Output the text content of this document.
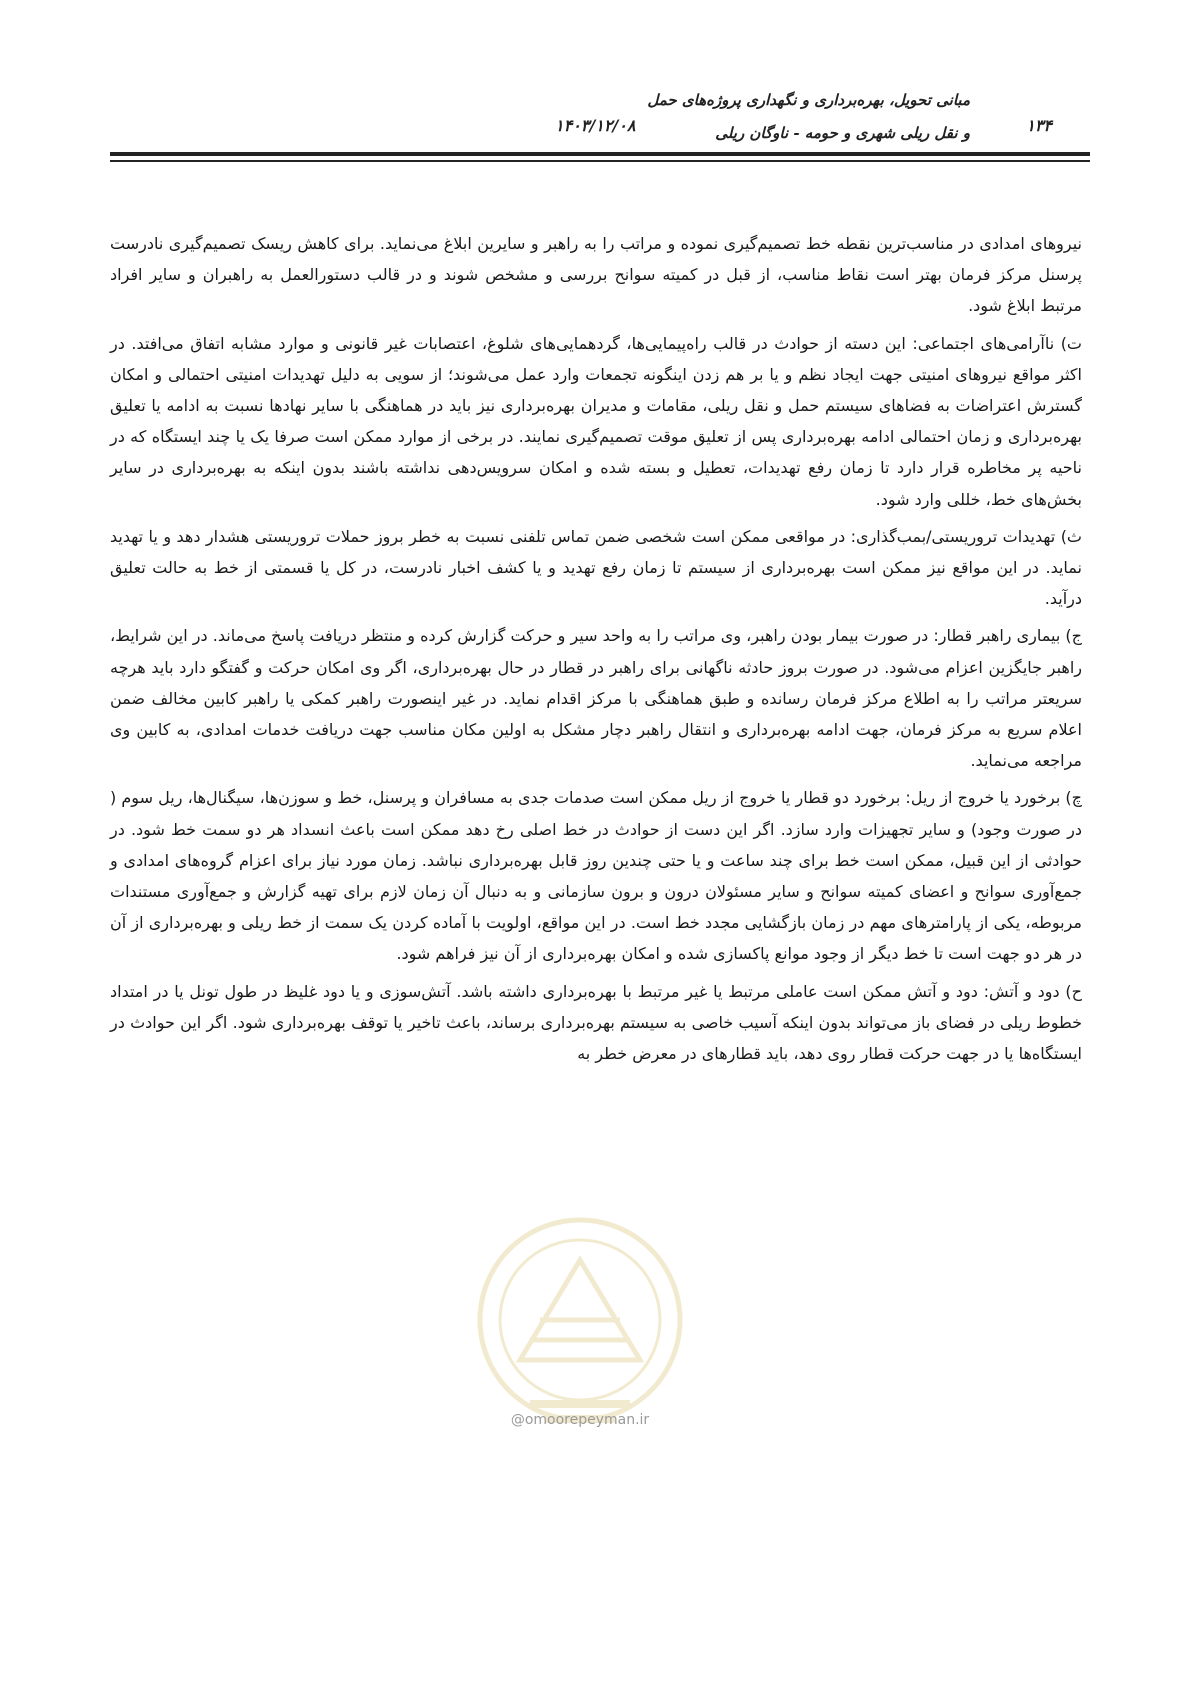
مبانی تحویل، بهره‌برداری و نگهداری پروژه‌های حمل
و نقل ریلی شهری و حومه - ناوگان ریلی
۱۴۰۳/۱۲/۰۸	۱۳۴

نیروهای امدادی در مناسب‌ترین نقطه خط تصمیم‌گیری نموده و مراتب را به راهبر و سایرین ابلاغ می‌نماید. برای کاهش ریسک تصمیم‌گیری نادرست پرسنل مرکز فرمان بهتر است نقاط مناسب، از قبل در کمیته سوانح بررسی و مشخص شوند و در قالب دستورالعمل به راهبران و سایر افراد مرتبط ابلاغ شود.

ت) ناآرامی‌های اجتماعی: این دسته از حوادث در قالب راه‌پیمایی‌ها، گردهمایی‌های شلوغ، اعتصابات غیر قانونی و موارد مشابه اتفاق می‌افتد. در اکثر مواقع نیروهای امنیتی جهت ایجاد نظم و یا بر هم زدن اینگونه تجمعات وارد عمل می‌شوند؛ از سویی به دلیل تهدیدات امنیتی احتمالی و امکان گسترش اعتراضات به فضاهای سیستم حمل و نقل ریلی، مقامات و مدیران بهره‌برداری نیز باید در هماهنگی با سایر نهادها نسبت به ادامه یا تعلیق بهره‌برداری و زمان احتمالی ادامه بهره‌برداری پس از تعلیق موقت تصمیم‌گیری نمایند. در برخی از موارد ممکن است صرفا یک یا چند ایستگاه که در ناحیه پر مخاطره قرار دارد تا زمان رفع تهدیدات، تعطیل و بسته شده و امکان سرویس‌دهی نداشته باشند بدون اینکه به بهره‌برداری در سایر بخش‌های خط، خللی وارد شود.

ث) تهدیدات تروریستی/بمب‌گذاری: در مواقعی ممکن است شخصی ضمن تماس تلفنی نسبت به خطر بروز حملات تروریستی هشدار دهد و یا تهدید نماید. در این مواقع نیز ممکن است بهره‌برداری از سیستم تا زمان رفع تهدید و یا کشف اخبار نادرست، در کل یا قسمتی از خط به حالت تعلیق درآید.

ج) بیماری راهبر قطار: در صورت بیمار بودن راهبر، وی مراتب را به واحد سیر و حرکت گزارش کرده و منتظر دریافت پاسخ می‌ماند. در این شرایط، راهبر جایگزین اعزام می‌شود. در صورت بروز حادثه ناگهانی برای راهبر در قطار در حال بهره‌برداری، اگر وی امکان حرکت و گفتگو دارد باید هرچه سریعتر مراتب را به اطلاع مرکز فرمان رسانده و طبق هماهنگی با مرکز اقدام نماید. در غیر اینصورت راهبر کمکی یا راهبر کابین مخالف ضمن اعلام سریع به مرکز فرمان، جهت ادامه بهره‌برداری و انتقال راهبر دچار مشکل به اولین مکان مناسب جهت دریافت خدمات امدادی، به کابین وی مراجعه می‌نماید.

چ) برخورد یا خروج از ریل: برخورد دو قطار یا خروج از ریل ممکن است صدمات جدی به مسافران و پرسنل، خط و سوزن‌ها، سیگنال‌ها، ریل سوم ( در صورت وجود) و سایر تجهیزات وارد سازد. اگر این دست از حوادث در خط اصلی رخ دهد ممکن است باعث انسداد هر دو سمت خط شود. در حوادثی از این قبیل، ممکن است خط برای چند ساعت و یا حتی چندین روز قابل بهره‌برداری نباشد. زمان مورد نیاز برای اعزام گروه‌های امدادی و جمع‌آوری سوانح و اعضای کمیته سوانح و سایر مسئولان درون و برون سازمانی و به دنبال آن زمان لازم برای تهیه گزارش و جمع‌آوری مستندات مربوطه، یکی از پارامترهای مهم در زمان بازگشایی مجدد خط است. در این مواقع، اولویت با آماده کردن یک سمت از خط ریلی و بهره‌برداری از آن در هر دو جهت است تا خط دیگر از وجود موانع پاکسازی شده و امکان بهره‌برداری از آن نیز فراهم شود.

ح) دود و آتش: دود و آتش ممکن است عاملی مرتبط یا غیر مرتبط با بهره‌برداری داشته باشد. آتش‌سوزی و یا دود غلیظ در طول تونل یا در امتداد خطوط ریلی در فضای باز می‌تواند بدون اینکه آسیب خاصی به سیستم بهره‌برداری برساند، باعث تاخیر یا توقف بهره‌برداری شود. اگر این حوادث در ایستگاه‌ها یا در جهت حرکت قطار روی دهد، باید قطارهای در معرض خطر به

@omoorepeyman.ir
